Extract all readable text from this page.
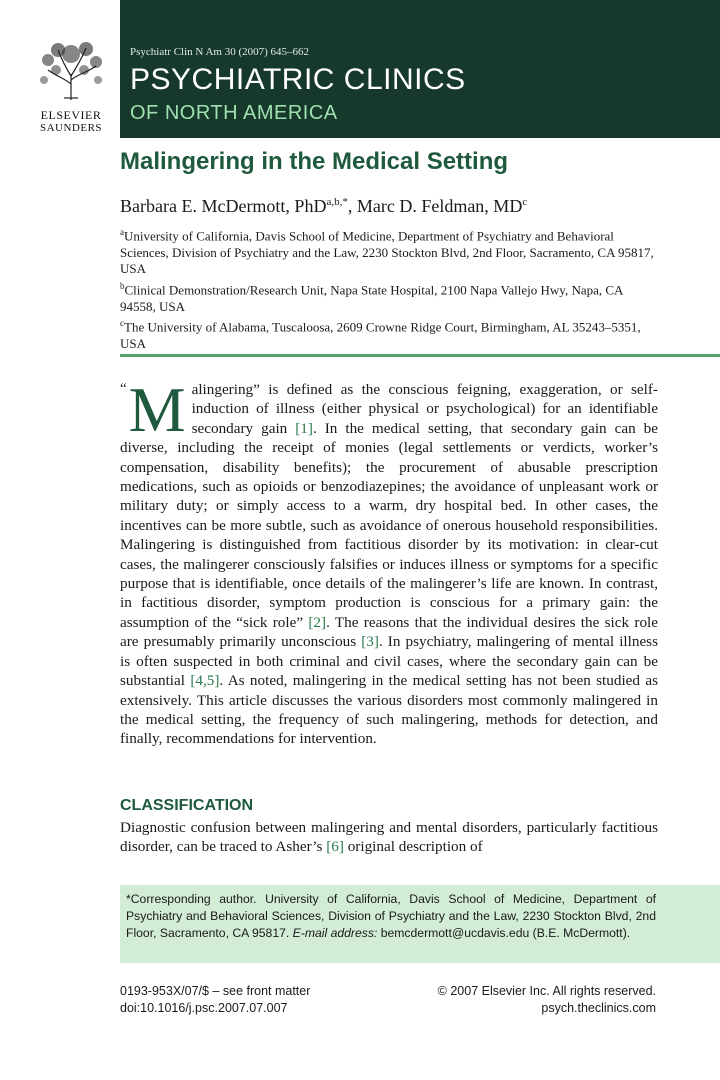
ELSEVIER
SAUNDERS
Psychiatr Clin N Am 30 (2007) 645–662
PSYCHIATRIC CLINICS
OF NORTH AMERICA
Malingering in the Medical Setting
Barbara E. McDermott, PhD$^{a,b,*}$, Marc D. Feldman, $MD^c$
$^a$University of California, Davis School of Medicine, Department of Psychiatry and Behavioral Sciences, Division of Psychiatry and the Law, 2230 Stockton Blvd, 2nd Floor, Sacramento, CA 95817, USA
$^b$Clinical Demonstration/Research Unit, Napa State Hospital, 2100 Napa Vallejo Hwy, Napa, CA 94558, USA
$^c$The University of Alabama, Tuscaloosa, 2609 Crowne Ridge Court, Birmingham, AL 35243–5351, USA
“ M alingering” is defined as the conscious feigning, exaggeration, or self-induction of illness (either physical or psychological) for an identifiable secondary gain [1]. In the medical setting, that secondary gain can be diverse, including the receipt of monies (legal settlements or verdicts, worker’s compensation, disability benefits); the procurement of abusable prescription medications, such as opioids or benzodiazepines; the avoidance of unpleasant work or military duty; or simply access to a warm, dry hospital bed. In other cases, the incentives can be more subtle, such as avoidance of onerous household responsibilities. Malingering is distinguished from factitious disorder by its motivation: in clear-cut cases, the malingerer consciously falsifies or induces illness or symptoms for a specific purpose that is identifiable, once details of the malingerer’s life are known. In contrast, in factitious disorder, symptom production is conscious for a primary gain: the assumption of the “sick role” [2]. The reasons that the individual desires the sick role are presumably primarily unconscious [3]. In psychiatry, malingering of mental illness is often suspected in both criminal and civil cases, where the secondary gain can be substantial [4,5]. As noted, malingering in the medical setting has not been studied as extensively. This article discusses the various disorders most commonly malingered in the medical setting, the frequency of such malingering, methods for detection, and finally, recommendations for intervention.
CLASSIFICATION
Diagnostic confusion between malingering and mental disorders, particularly factitious disorder, can be traced to Asher’s [6] original description of
*Corresponding author. University of California, Davis School of Medicine, Department of Psychiatry and Behavioral Sciences, Division of Psychiatry and the Law, 2230 Stockton Blvd, 2nd Floor, Sacramento, CA 95817. E-mail address: bemcdermott@ucdavis.edu (B.E. McDermott).
0193-953X/07/$ – see front matter
doi:10.1016/j.psc.2007.07.007
© 2007 Elsevier Inc. All rights reserved.
psych.theclinics.com
